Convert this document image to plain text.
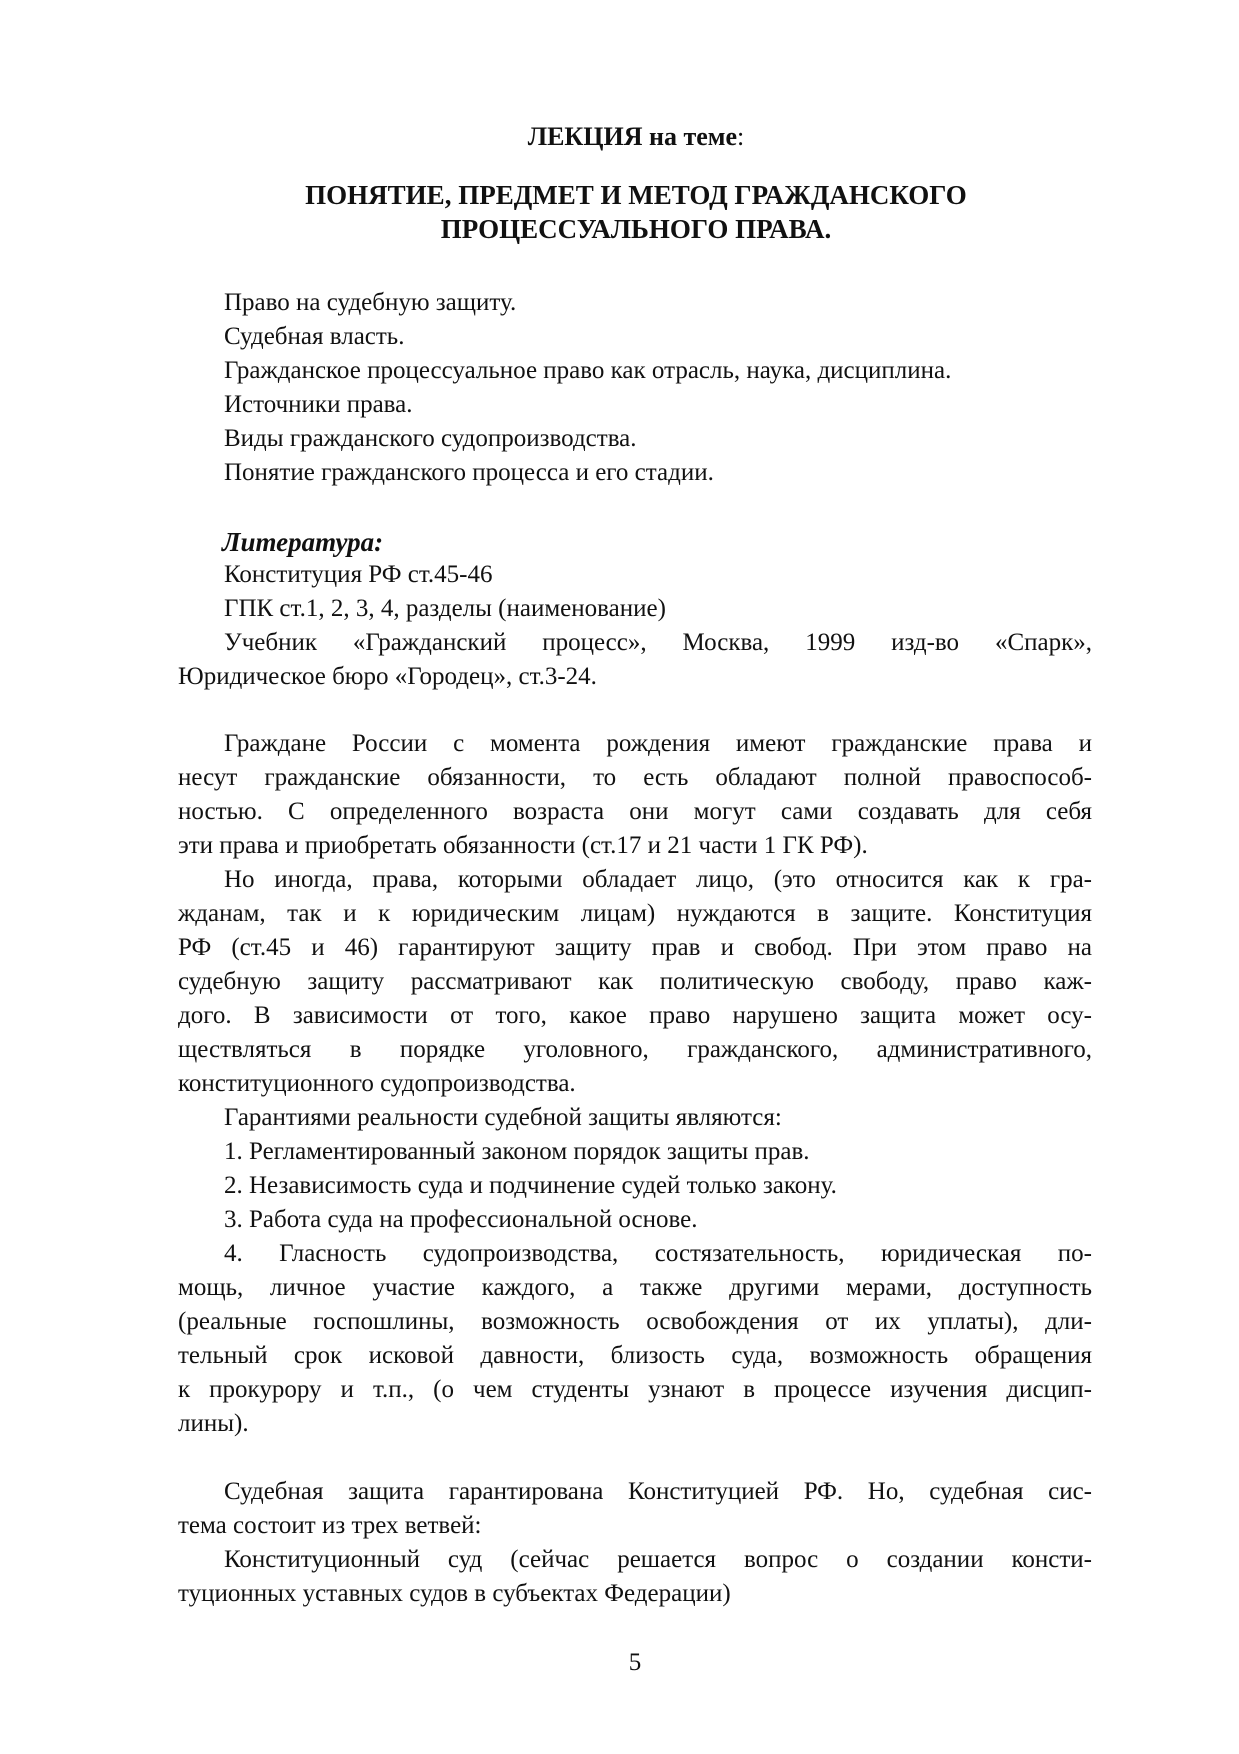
ЛЕКЦИЯ на теме:
ПОНЯТИЕ, ПРЕДМЕТ И МЕТОД ГРАЖДАНСКОГО
ПРОЦЕССУАЛЬНОГО ПРАВА.
Право на судебную защиту.
Судебная власть.
Гражданское процессуальное право как отрасль, наука, дисциплина.
Источники права.
Виды гражданского судопроизводства.
Понятие гражданского процесса и его стадии.
Литература:
Конституция РФ ст.45-46
ГПК ст.1, 2, 3, 4, разделы (наименование)
Учебник «Гражданский процесс», Москва, 1999 изд-во «Спарк»,
Юридическое бюро «Городец», ст.3-24.
Граждане России с момента рождения имеют гражданские права и
несут гражданские обязанности, то есть обладают полной правоспособ-
ностью. С определенного возраста они могут сами создавать для себя
эти права и приобретать обязанности (ст.17 и 21 части 1 ГК РФ).
Но иногда, права, которыми обладает лицо, (это относится как к гра-
жданам, так и к юридическим лицам) нуждаются в защите. Конституция
РФ (ст.45 и 46) гарантируют защиту прав и свобод. При этом право на
судебную защиту рассматривают как политическую свободу, право каж-
дого. В зависимости от того, какое право нарушено защита может осу-
ществляться в порядке уголовного, гражданского, административного,
конституционного судопроизводства.
Гарантиями реальности судебной защиты являются:
1. Регламентированный законом порядок защиты прав.
2. Независимость суда и подчинение судей только закону.
3. Работа суда на профессиональной основе.
4. Гласность судопроизводства, состязательность, юридическая по-
мощь, личное участие каждого, а также другими мерами, доступность
(реальные госпошлины, возможность освобождения от их уплаты), дли-
тельный срок исковой давности, близость суда, возможность обращения
к прокурору и т.п., (о чем студенты узнают в процессе изучения дисцип-
лины).
Судебная защита гарантирована Конституцией РФ. Но, судебная сис-
тема состоит из трех ветвей:
Конституционный суд (сейчас решается вопрос о создании консти-
туционных уставных судов в субъектах Федерации)
5
